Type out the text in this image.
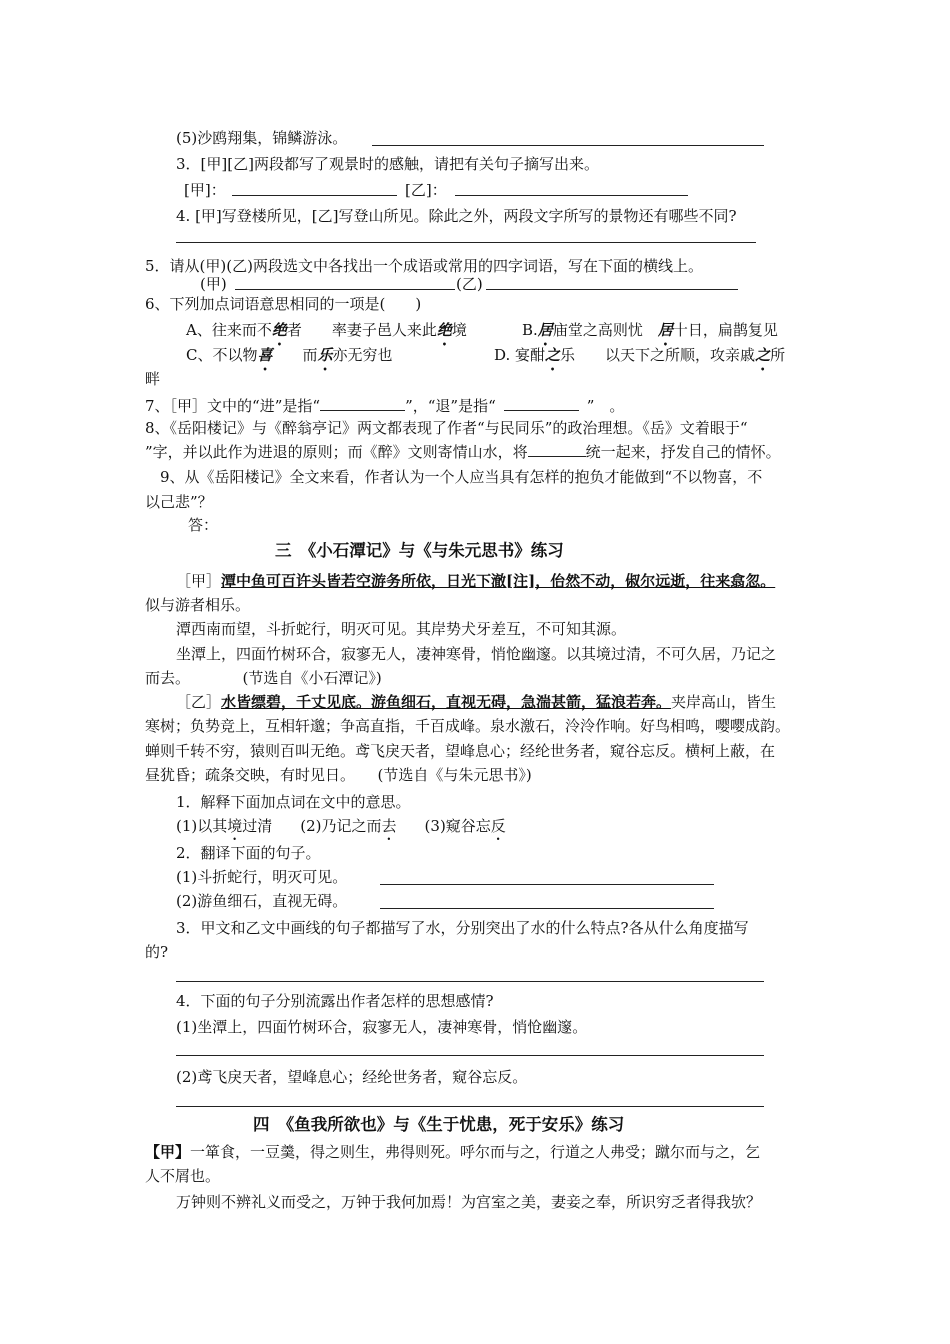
(5)沙鸥翔集，锦鳞游泳。
3．[甲][乙]两段都写了观景时的感触，请把有关句子摘写出来。
[甲]：	[乙]：
4. [甲]写登楼所见，[乙]写登山所见。除此之外，两段文字所写的景物还有哪些不同?
5．请从(甲)(乙)两段选文中各找出一个成语或常用的四字词语，写在下面的横线上。
(甲)	(乙)
6、下列加点词语意思相同的一项是(　　)
A、往来而不绝者　　率妻子邑人来此绝境	B.居庙堂之高则忧　居十日，扁鹊复见
C、不以物喜　　而乐亦无穷也	D. 宴酣之乐　　以天下之所顺，攻亲戚之所
畔
7、［甲］文中的“进”是指“	”，“退”是指“	”　。
8、《岳阳楼记》与《醉翁亭记》两文都表现了作者“与民同乐”的政治理想。《岳》文着眼于“
”字，并以此作为进退的原则；而《醉》文则寄情山水，将	统一起来，抒发自己的情怀。
9、从《岳阳楼记》全文来看，作者认为一个人应当具有怎样的抱负才能做到“不以物喜，不
以己悲”？
答：
三　《小石潭记》与《与朱元思书》练习
［甲］潭中鱼可百许头皆若空游务所依，日光下澈[注]，佁然不动，俶尔远逝，往来翕忽。
似与游者相乐。
潭西南而望，斗折蛇行，明灭可见。其岸势犬牙差互，不可知其源。
坐潭上，四面竹树环合，寂寥无人，凄神寒骨，悄怆幽邃。以其境过清，不可久居，乃记之
而去。　　　　(节选自《小石潭记》)
［乙］水皆缥碧，千丈见底。游鱼细石，直视无碍，急湍甚箭，猛浪若奔。夹岸高山，皆生
寒树；负势竞上，互相轩邈；争高直指，千百成峰。泉水激石，泠泠作响。好鸟相鸣，嘤嘤成韵。
蝉则千转不穷，猿则百叫无绝。鸢飞戾天者，望峰息心；经纶世务者，窥谷忘反。横柯上蔽，在
昼犹昏；疏条交映，有时见日。　　(节选自《与朱元思书》)
1．解释下面加点词在文中的意思。
(1)以其境过清 (2)乃记之而去 (3)窥谷忘反
2．翻译下面的句子。
(1)斗折蛇行，明灭可见。
(2)游鱼细石，直视无碍。
3．甲文和乙文中画线的句子都描写了水，分别突出了水的什么特点?各从什么角度描写
的?
4．下面的句子分别流露出作者怎样的思想感情?
(1)坐潭上，四面竹树环合，寂寥无人，凄神寒骨，悄怆幽邃。
(2)鸢飞戾天者，望峰息心；经纶世务者，窥谷忘反。
四　《鱼我所欲也》与《生于忧患，死于安乐》练习
【甲】一箪食，一豆羹，得之则生，弗得则死。呼尔而与之，行道之人弗受；蹴尔而与之，乞
人不屑也。
万钟则不辨礼义而受之，万钟于我何加焉！为宫室之美，妻妾之奉，所识穷乏者得我欤？
